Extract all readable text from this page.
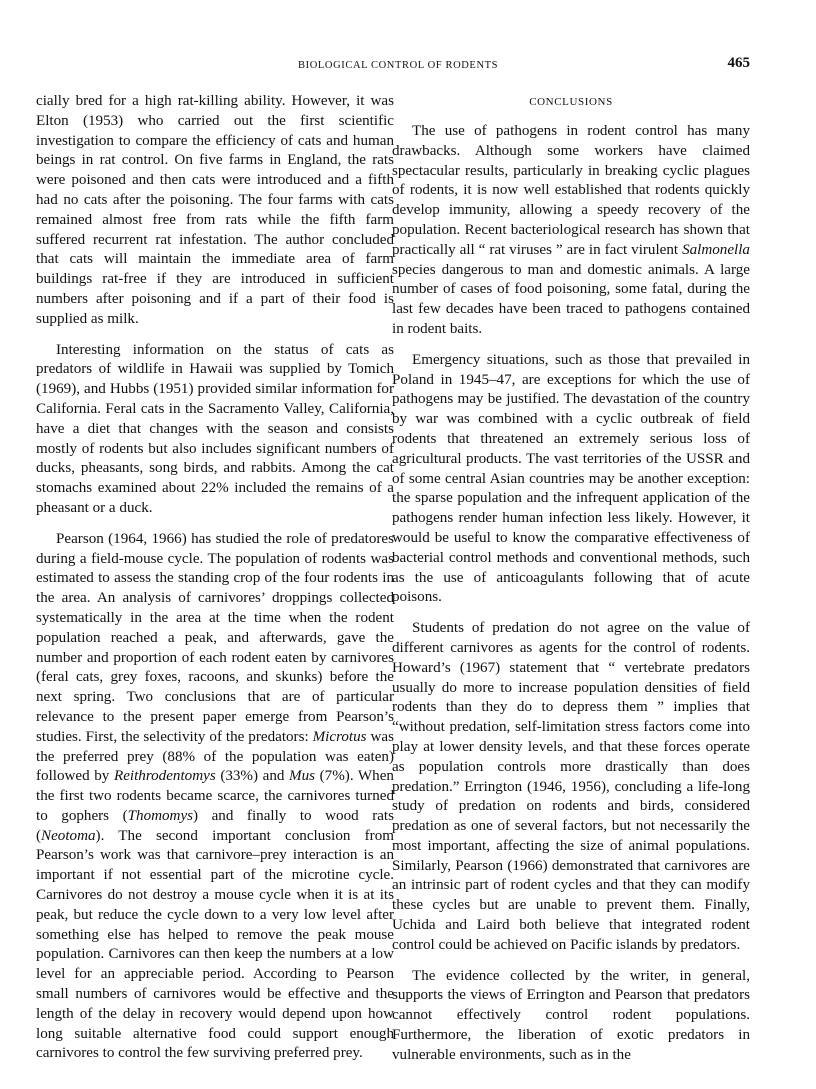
BIOLOGICAL CONTROL OF RODENTS	465

cially bred for a high rat-killing ability. However, it was Elton (1953) who carried out the first scientific investigation to compare the efficiency of cats and human beings in rat control. On five farms in England, the rats were poisoned and then cats were introduced and a fifth had no cats after the poisoning. The four farms with cats remained almost free from rats while the fifth farm suffered recurrent rat infestation. The author concluded that cats will maintain the immediate area of farm buildings rat-free if they are introduced in sufficient numbers after poisoning and if a part of their food is supplied as milk.

Interesting information on the status of cats as predators of wildlife in Hawaii was supplied by Tomich (1969), and Hubbs (1951) provided similar information for California. Feral cats in the Sacramento Valley, California, have a diet that changes with the season and consists mostly of rodents but also includes significant numbers of ducks, pheasants, song birds, and rabbits. Among the cat stomachs examined about 22% included the remains of a pheasant or a duck.

Pearson (1964, 1966) has studied the role of predatores during a field-mouse cycle. The population of rodents was estimated to assess the standing crop of the four rodents in the area. An analysis of carnivores’ droppings collected systematically in the area at the time when the rodent population reached a peak, and afterwards, gave the number and proportion of each rodent eaten by carnivores (feral cats, grey foxes, racoons, and skunks) before the next spring. Two conclusions that are of particular relevance to the present paper emerge from Pearson’s studies. First, the selectivity of the predators: Microtus was the preferred prey (88% of the population was eaten) followed by Reithrodentomys (33%) and Mus (7%). When the first two rodents became scarce, the carnivores turned to gophers (Thomomys) and finally to wood rats (Neotoma). The second important conclusion from Pearson’s work was that carnivore–prey interaction is an important if not essential part of the microtine cycle. Carnivores do not destroy a mouse cycle when it is at its peak, but reduce the cycle down to a very low level after something else has helped to remove the peak mouse population. Carnivores can then keep the numbers at a low level for an appreciable period. According to Pearson small numbers of carnivores would be effective and the length of the delay in recovery would depend upon how long suitable alternative food could support enough carnivores to control the few surviving preferred prey.

CONCLUSIONS

The use of pathogens in rodent control has many drawbacks. Although some workers have claimed spectacular results, particularly in breaking cyclic plagues of rodents, it is now well established that rodents quickly develop immunity, allowing a speedy recovery of the population. Recent bacteriological research has shown that practically all “ rat viruses ” are in fact virulent Salmonella species dangerous to man and domestic animals. A large number of cases of food poisoning, some fatal, during the last few decades have been traced to pathogens contained in rodent baits.

Emergency situations, such as those that prevailed in Poland in 1945–47, are exceptions for which the use of pathogens may be justified. The devastation of the country by war was combined with a cyclic outbreak of field rodents that threatened an extremely serious loss of agricultural products. The vast territories of the USSR and of some central Asian countries may be another exception: the sparse population and the infrequent application of the pathogens render human infection less likely. However, it would be useful to know the comparative effectiveness of bacterial control methods and conventional methods, such as the use of anticoagulants following that of acute poisons.

Students of predation do not agree on the value of different carnivores as agents for the control of rodents. Howard’s (1967) statement that “ vertebrate predators usually do more to increase population densities of field rodents than they do to depress them ” implies that “without predation, self-limitation stress factors come into play at lower density levels, and that these forces operate as population controls more drastically than does predation.” Errington (1946, 1956), concluding a life-long study of predation on rodents and birds, considered predation as one of several factors, but not necessarily the most important, affecting the size of animal populations. Similarly, Pearson (1966) demonstrated that carnivores are an intrinsic part of rodent cycles and that they can modify these cycles but are unable to prevent them. Finally, Uchida and Laird both believe that integrated rodent control could be achieved on Pacific islands by predators.

The evidence collected by the writer, in general, supports the views of Errington and Pearson that predators cannot effectively control rodent populations. Furthermore, the liberation of exotic predators in vulnerable environments, such as in the
